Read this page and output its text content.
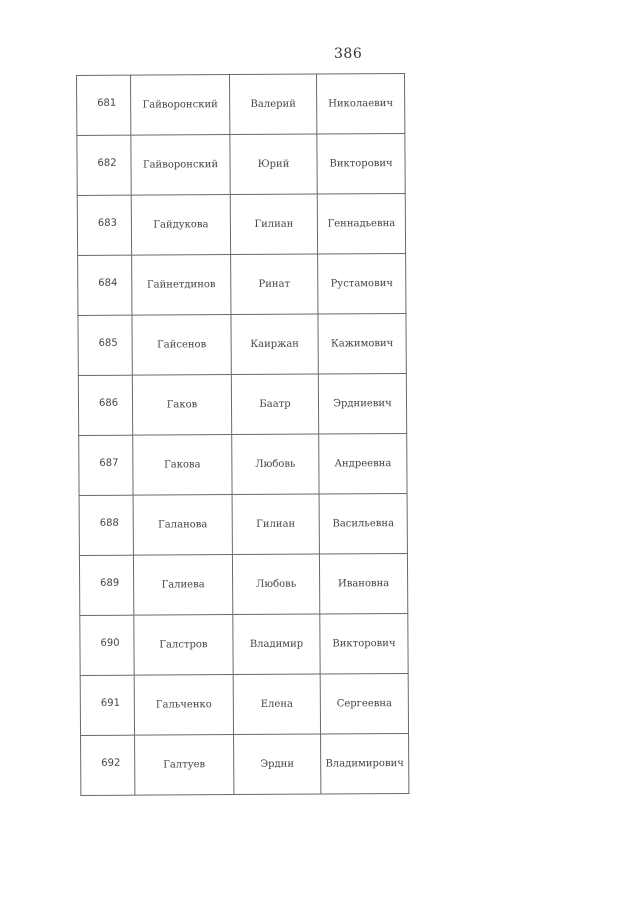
386
681	Гайворонский	Валерий	Николаевич
682	Гайворонский	Юрий	Викторович
683	Гайдукова	Гилиан	Геннадьевна
684	Гайнетдинов	Ринат	Рустамович
685	Гайсенов	Каиржан	Кажимович
686	Гаков	Баатр	Эрдниевич
687	Гакова	Любовь	Андреевна
688	Галанова	Гилиан	Васильевна
689	Галиева	Любовь	Ивановна
690	Галстров	Владимир	Викторович
691	Гальченко	Елена	Сергеевна
692	Галтуев	Эрдни	Владимирович
